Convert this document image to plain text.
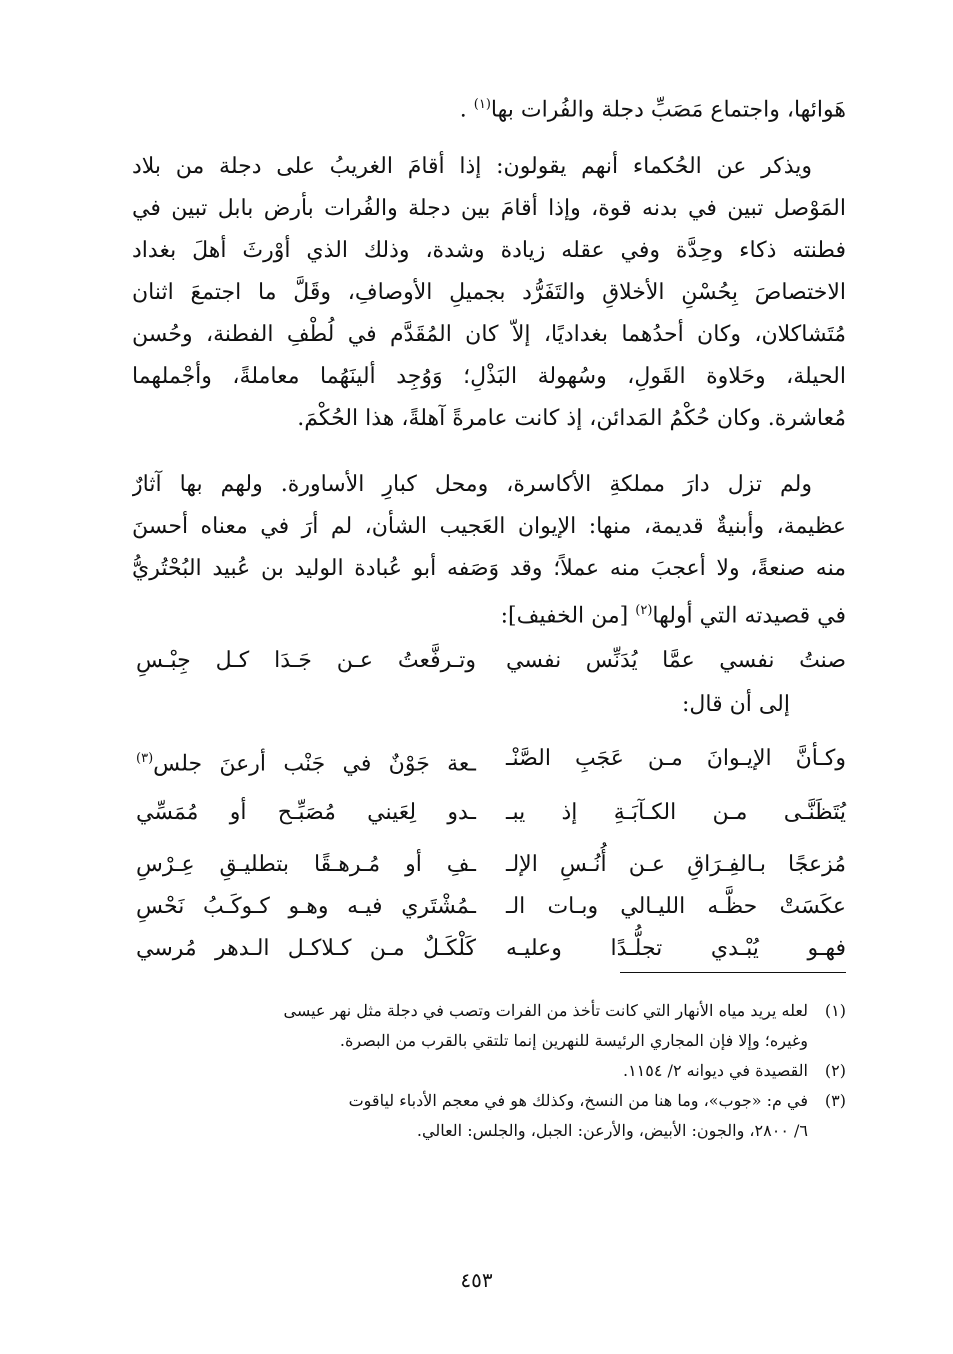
هَوائها، واجتماع مَصَبِّ دجلة والفُرات بها$^{(١)}$ .
ويذكر عن الحُكماء أنهم يقولون: إذا أقامَ الغريبُ على دجلة من بلاد
المَوْصل تبين في بدنه قوة، وإذا أقامَ بين دجلة والفُرات بأرض بابل تبين في
فطنته ذكاء وحِدَّة وفي عقله زيادة وشدة، وذلك الذي أوْرثَ أهلَ بغداد
الاختصاصَ بِحُسْنِ الأخلاقِ والتَفَرُّد بجميلِ الأوصافِ، وقَلَّ ما اجتمعَ اثنان
مُتَشاكلان، وكان أحدُهما بغداديًا، إلاّ كان المُقَدَّم في لُطْفِ الفطنة، وحُسن
الحيلة، وحَلاوة القَولِ، وسُهولة البَذْلِ؛ وَوُجِد ألينَهُما معاملةً، وأجْملهما
مُعاشرة. وكان حُكْمُ المَدائن، إذ كانت عامرةً آهلةً، هذا الحُكْمَ.
ولم تزل دارَ مملكةِ الأكاسرة، ومحل كبارِ الأساورة. ولهم بها آثارٌ
عظيمة، وأبنيةٌ قديمة، منها: الإيوان العَجيب الشأن، لم أرَ في معناه أحسنَ
منه صنعةً، ولا أعجبَ منه عملاً؛ وقد وَصَفه أبو عُبادة الوليد بن عُبيد البُحْتُريُّ
في قصيدته التي أولها$^{(٢)}$ [من الخفيف]:
صنتُ نفسي عمَّا يُدَنِّس نفسي
وتـرفَّعتُ عـن جَـدَا كـل جِبْـسِ
إلى أن قال:
وكـأنَّ الإيـوانَ مـن عَجَبِ الصَّنْـ
ـعة جَوْنٌ في جَنْب أرعنَ جلس$^{(٣)}$
يُتَظَنَّـى مـن الكـآبَـةِ إذ يبـ
ـدو لِعَيني مُصَبِّـح أو مُمَسِّي
مُزعجًا بـالفِـرَاقِ عـن أُنُـسِ الإلـ
ـفِ أو مُـرهـقًا بتطليـقِ عِـرْسِ
عكَسَتْ حظَّـه الليـالي وبـات الـ
ـمُشْتَري فيـه وهـو كـوكَـبُ نَحْسِ
فهـو يُبْـدي تجلُّـدًا وعليـه
كَلْكَـلٌ مـن كـلاكـل الـدهر مُرسي
(١)لعله يريد مياه الأنهار التي كانت تأخذ من الفرات وتصب في دجلة مثل نهر عيسى
وغيره؛ وإلا فإن المجاري الرئيسة للنهرين إنما تلتقي بالقرب من البصرة.
(٢)القصيدة في ديوانه ٢/ ١١٥٤.
(٣)في م: «جوب»، وما هنا من النسخ، وكذلك هو في معجم الأدباء لياقوت
٦/ ٢٨٠٠، والجون: الأبيض، والأرعن: الجبل، والجلس: العالي.
٤٥٣
